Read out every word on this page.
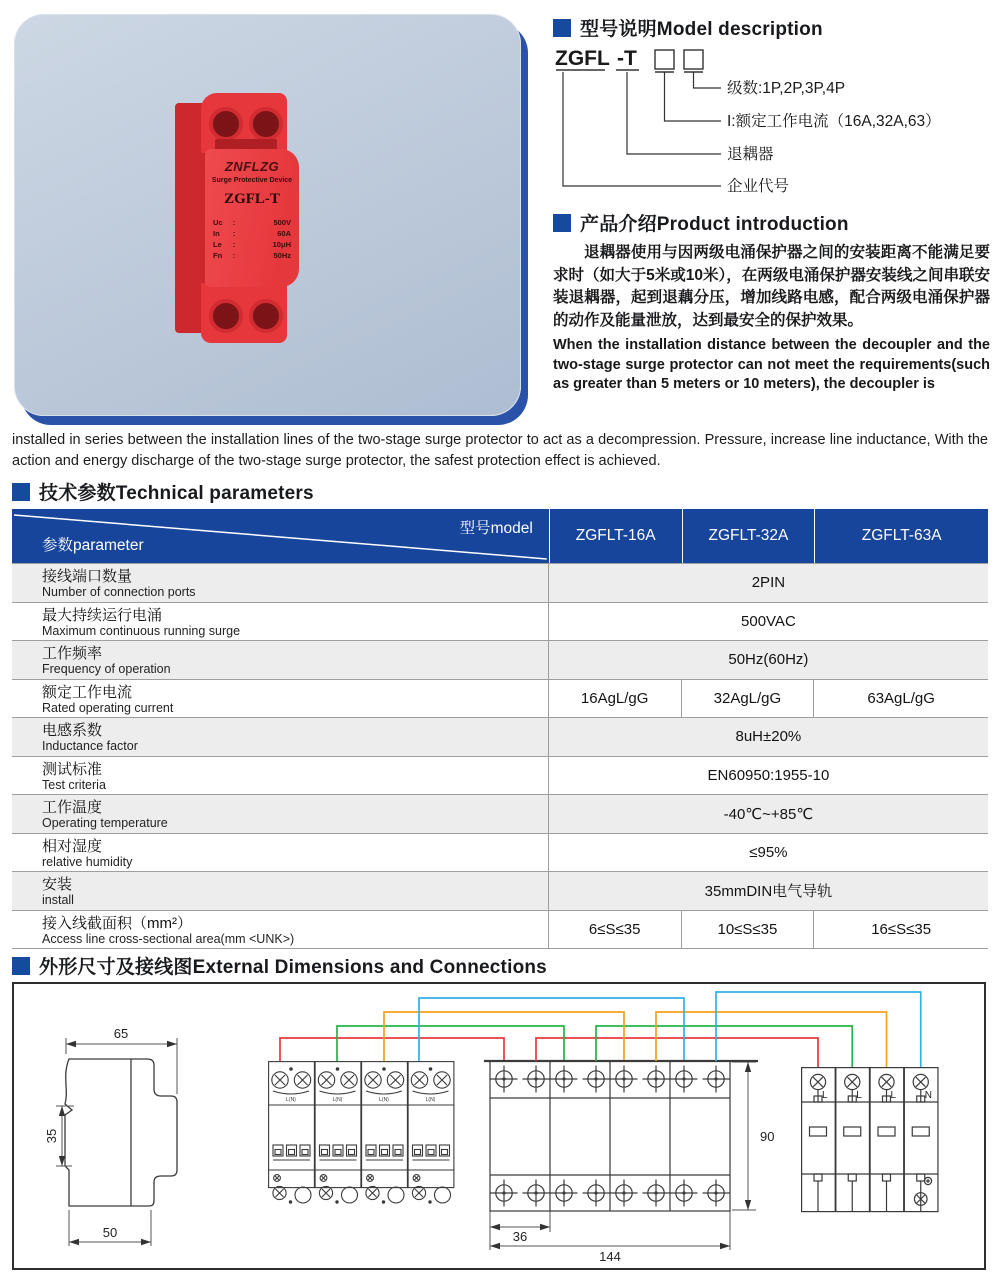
ZNFLZG
Surge Protective Device
ZGFL-T
Uc	:	500V
In	:	60A
Le	:	10μH
Fn	:	50Hz
型号说明Model description
ZGFL -T
级数:1P,2P,3P,4P
I:额定工作电流（16A,32A,63）
退耦器
企业代号
产品介绍Product introduction

退耦器使用与因两级电涌保护器之间的安装距离不能满足要求时（如大于5米或10米），在两级电涌保护器安装线之间串联安装退耦器，起到退藕分压，增加线路电感，配合两级电涌保护器的动作及能量泄放，达到最安全的保护效果。

When the installation distance between the decoupler and the two-stage surge protector can not meet the requirements(such as greater than 5 meters or 10 meters), the decoupler is

installed in series between the installation lines of the two-stage surge protector to act as a decompression. Pressure, increase line inductance, With the action and energy discharge of the two-stage surge protector, the safest protection effect is achieved.

技术参数Technical parameters
型号model
参数parameter
ZGFLT-16A	ZGFLT-32A	ZGFLT-63A
接线端口数量
Number of connection ports
2PIN
最大持续运行电涌
Maximum continuous running surge
500VAC
工作频率
Frequency of operation
50Hz(60Hz)
额定工作电流
Rated operating current
16AgL/gG	32AgL/gG	63AgL/gG
电感系数
Inductance factor
8uH±20%
测试标准
Test criteria
EN60950:1955-10
工作温度
Operating temperature
-40℃~+85℃
相对湿度
relative humidity
≤95%
安装
install	35mmDIN电气导轨
接入线截面积（mm²）
Access line cross-sectional area(mm <UNK>)
6≤S≤35	10≤S≤35	16≤S≤35
外形尺寸及接线图External Dimensions and Connections
L(N)
65
35
50
90
36
144
L	L	L	N
